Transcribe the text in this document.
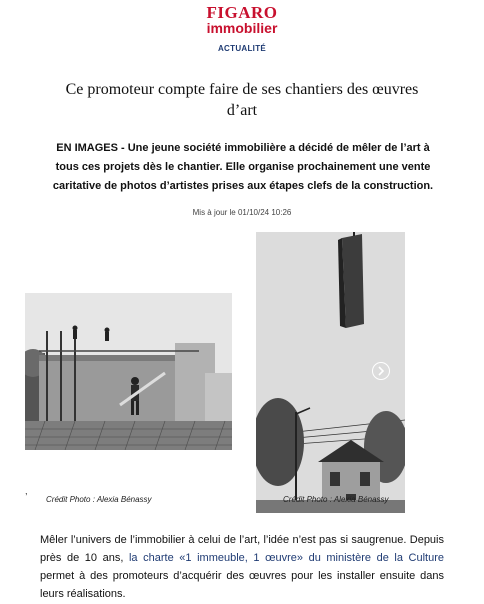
FIGARO
immobilier
ACTUALITÉ
Ce promoteur compte faire de ses chantiers des œuvres d’art

EN IMAGES - Une jeune société immobilière a décidé de mêler de l’art à tous ces projets dès le chantier. Elle organise prochainement une vente caritative de photos d’artistes prises aux étapes clefs de la construction.

Mis à jour le 01/10/24 10:26
,
Crédit Photo : Alexia Bénassy	Crédit Photo : Alexia Bénassy

Mêler l’univers de l’immobilier à celui de l’art, l’idée n’est pas si saugrenue. Depuis près de 10 ans, la charte «1 immeuble, 1 œuvre» du ministère de la Culture permet à des promoteurs d’acquérir des œuvres pour les installer ensuite dans leurs réalisations.
